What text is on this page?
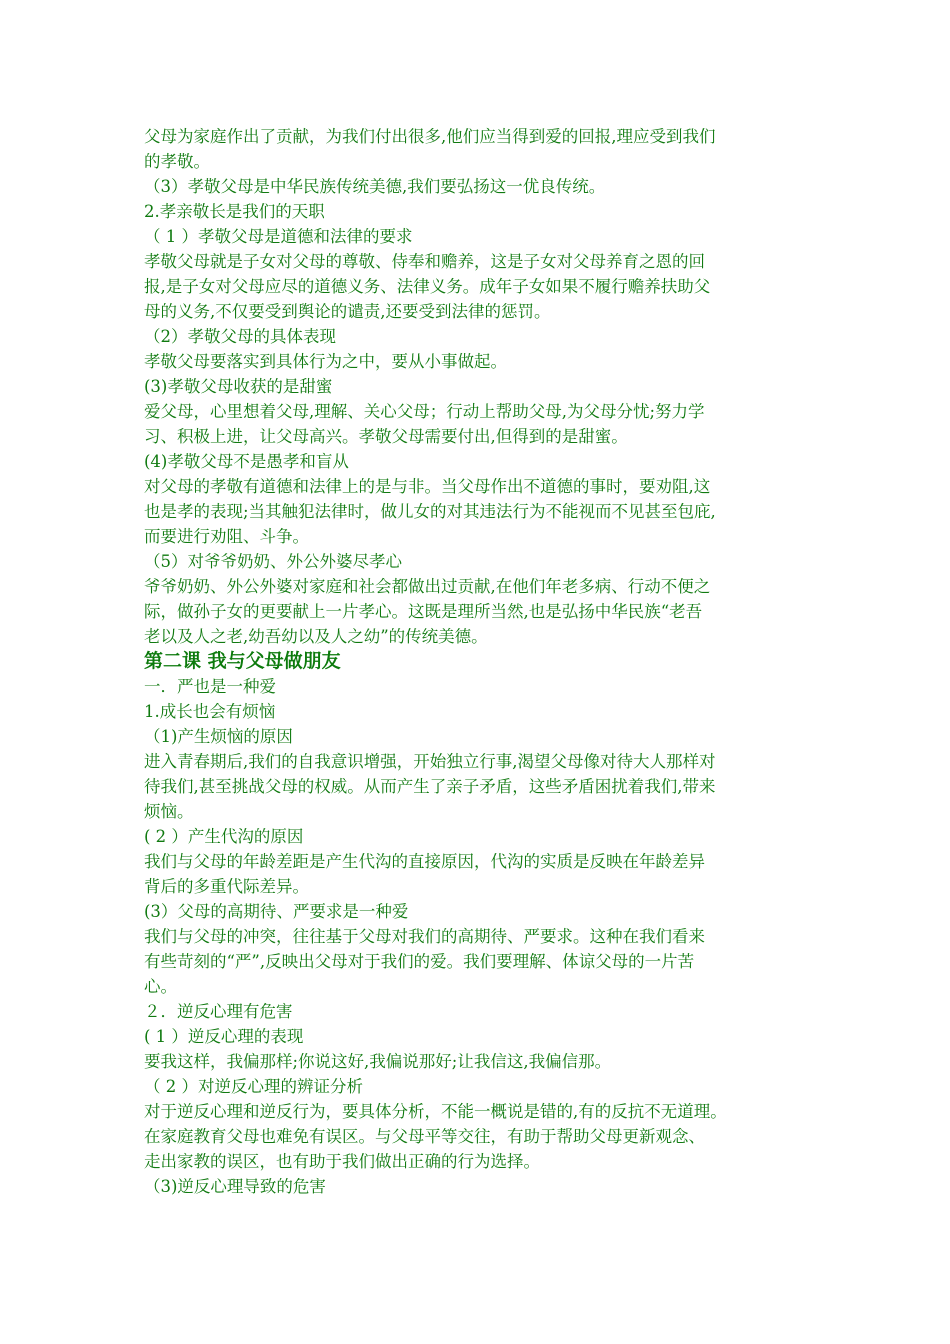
父母为家庭作出了贡献，为我们付出很多,他们应当得到爱的回报,理应受到我们
的孝敬。
（3）孝敬父母是中华民族传统美德,我们要弘扬这一优良传统。
2.孝亲敬长是我们的天职
（ 1 ）孝敬父母是道德和法律的要求
孝敬父母就是子女对父母的尊敬、侍奉和赡养，这是子女对父母养育之恩的回
报,是子女对父母应尽的道德义务、法律义务。成年子女如果不履行赡养扶助父
母的义务,不仅要受到舆论的谴责,还要受到法律的惩罚。
（2）孝敬父母的具体表现
孝敬父母要落实到具体行为之中，要从小事做起。
(3)孝敬父母收获的是甜蜜
爱父母，心里想着父母,理解、关心父母；行动上帮助父母,为父母分忧;努力学
习、积极上进，让父母高兴。孝敬父母需要付出,但得到的是甜蜜。
(4)孝敬父母不是愚孝和盲从
对父母的孝敬有道德和法律上的是与非。当父母作出不道德的事时，要劝阻,这
也是孝的表现;当其触犯法律时，做儿女的对其违法行为不能视而不见甚至包庇,
而要进行劝阻、斗争。
（5）对爷爷奶奶、外公外婆尽孝心
爷爷奶奶、外公外婆对家庭和社会都做出过贡献,在他们年老多病、行动不便之
际，做孙子女的更要献上一片孝心。这既是理所当然,也是弘扬中华民族“老吾
老以及人之老,幼吾幼以及人之幼”的传统美德。
第二课 我与父母做朋友
一．严也是一种爱
1.成长也会有烦恼
（1)产生烦恼的原因
进入青春期后,我们的自我意识增强，开始独立行事,渴望父母像对待大人那样对
待我们,甚至挑战父母的权威。从而产生了亲子矛盾，这些矛盾困扰着我们,带来
烦恼。
( 2 ）产生代沟的原因
我们与父母的年龄差距是产生代沟的直接原因，代沟的实质是反映在年龄差异
背后的多重代际差异。
(3）父母的高期待、严要求是一种爱
我们与父母的冲突，往往基于父母对我们的高期待、严要求。这种在我们看来
有些苛刻的“严”,反映出父母对于我们的爱。我们要理解、体谅父母的一片苦
心。
２．逆反心理有危害
( 1 ）逆反心理的表现
要我这样，我偏那样;你说这好,我偏说那好;让我信这,我偏信那。
（ 2 ）对逆反心理的辨证分析
对于逆反心理和逆反行为，要具体分析，不能一概说是错的,有的反抗不无道理。
在家庭教育父母也难免有误区。与父母平等交往，有助于帮助父母更新观念、
走出家教的误区，也有助于我们做出正确的行为选择。
（3)逆反心理导致的危害
